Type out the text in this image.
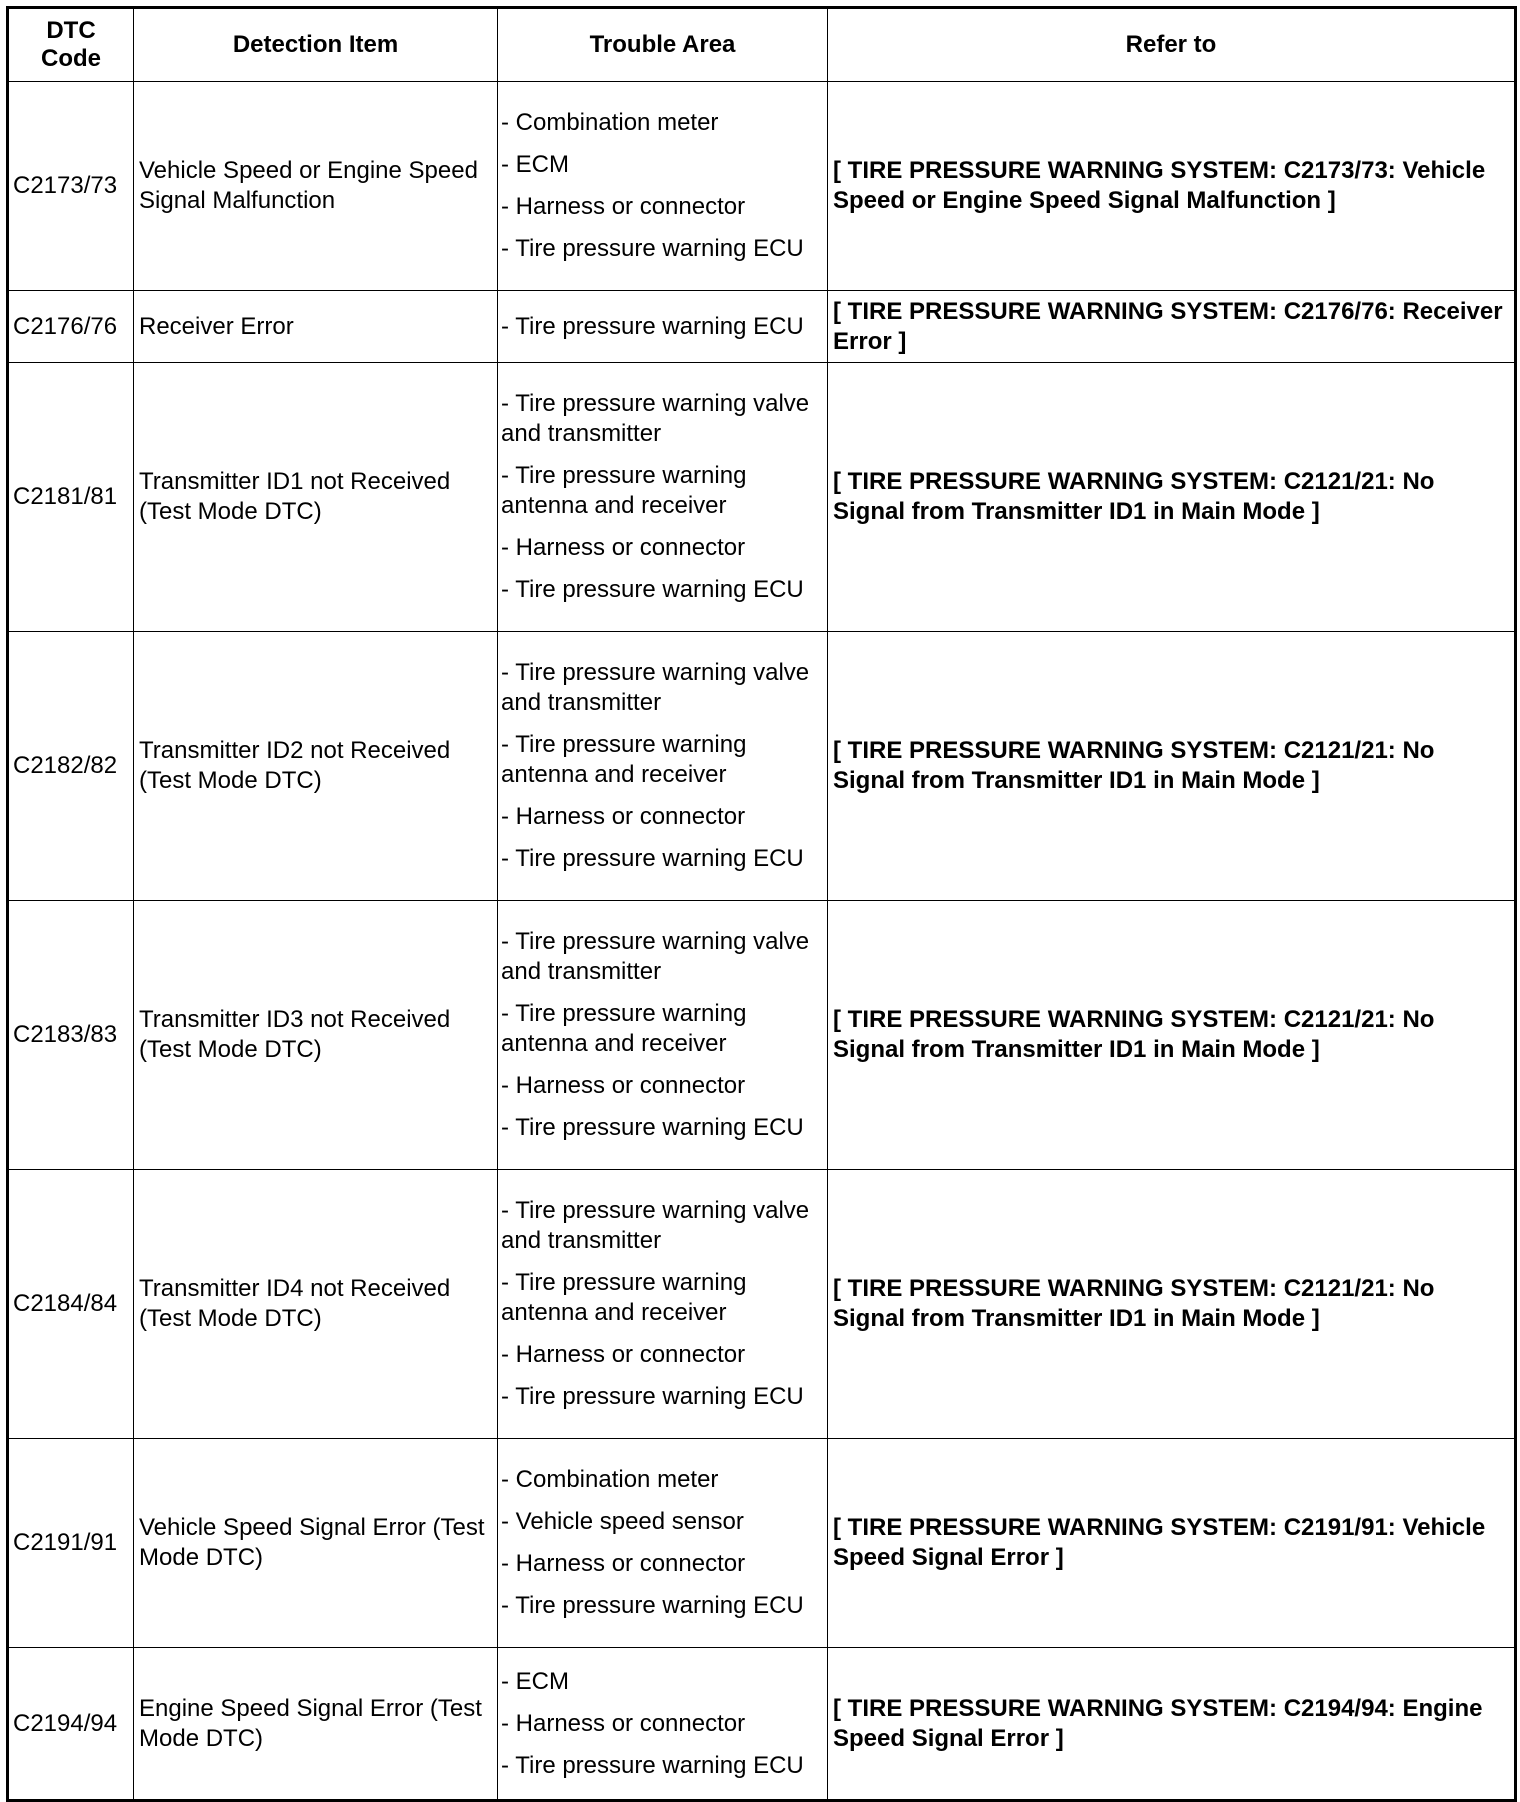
DTC Code	Detection Item	Trouble Area	Refer to
C2173/73	Vehicle Speed or Engine Speed Signal Malfunction	- Combination meter
- ECM
- Harness or connector
- Tire pressure warning ECU	[ TIRE PRESSURE WARNING SYSTEM: C2173/73: Vehicle Speed or Engine Speed Signal Malfunction ]
C2176/76	Receiver Error	- Tire pressure warning ECU	[ TIRE PRESSURE WARNING SYSTEM: C2176/76: Receiver Error ]
C2181/81	Transmitter ID1 not Received (Test Mode DTC)	- Tire pressure warning valve and transmitter
- Tire pressure warning antenna and receiver
- Harness or connector
- Tire pressure warning ECU	[ TIRE PRESSURE WARNING SYSTEM: C2121/21: No Signal from Transmitter ID1 in Main Mode ]
C2182/82	Transmitter ID2 not Received (Test Mode DTC)	- Tire pressure warning valve and transmitter
- Tire pressure warning antenna and receiver
- Harness or connector
- Tire pressure warning ECU	[ TIRE PRESSURE WARNING SYSTEM: C2121/21: No Signal from Transmitter ID1 in Main Mode ]
C2183/83	Transmitter ID3 not Received (Test Mode DTC)	- Tire pressure warning valve and transmitter
- Tire pressure warning antenna and receiver
- Harness or connector
- Tire pressure warning ECU	[ TIRE PRESSURE WARNING SYSTEM: C2121/21: No Signal from Transmitter ID1 in Main Mode ]
C2184/84	Transmitter ID4 not Received (Test Mode DTC)	- Tire pressure warning valve and transmitter
- Tire pressure warning antenna and receiver
- Harness or connector
- Tire pressure warning ECU	[ TIRE PRESSURE WARNING SYSTEM: C2121/21: No Signal from Transmitter ID1 in Main Mode ]
C2191/91	Vehicle Speed Signal Error (Test Mode DTC)	- Combination meter
- Vehicle speed sensor
- Harness or connector
- Tire pressure warning ECU	[ TIRE PRESSURE WARNING SYSTEM: C2191/91: Vehicle Speed Signal Error ]
C2194/94	Engine Speed Signal Error (Test Mode DTC)	- ECM
- Harness or connector
- Tire pressure warning ECU	[ TIRE PRESSURE WARNING SYSTEM: C2194/94: Engine Speed Signal Error ]
